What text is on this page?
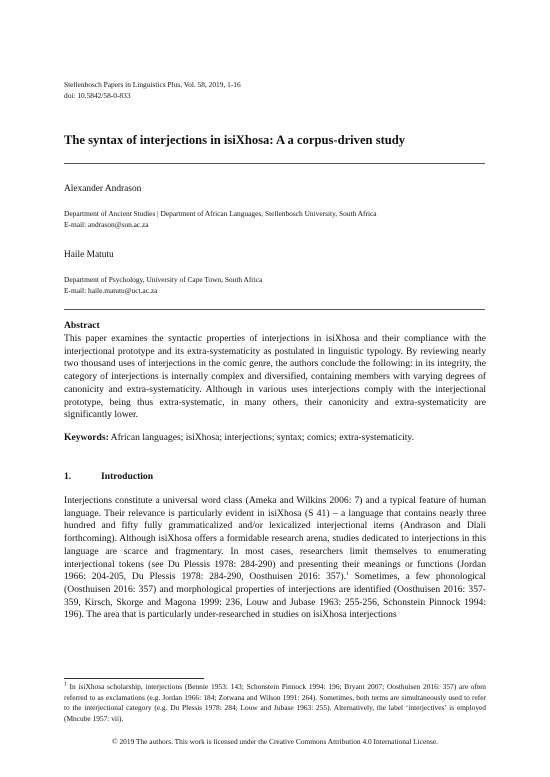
Stellenbosch Papers in Linguistics Plus, Vol. 58, 2019, 1-16
doi: 10.5842/58-0-833
The syntax of interjections in isiXhosa: A a corpus-driven study
Alexander Andrason
Department of Ancient Studies | Department of African Languages, Stellenbosch University, South Africa
E-mail: andrason@sun.ac.za
Haile Matutu
Department of Psychology, University of Cape Town, South Africa
E-mail: haile.matutu@uct.ac.za
Abstract
This paper examines the syntactic properties of interjections in isiXhosa and their compliance with the interjectional prototype and its extra-systematicity as postulated in linguistic typology. By reviewing nearly two thousand uses of interjections in the comic genre, the authors conclude the following: in its integrity, the category of interjections is internally complex and diversified, containing members with varying degrees of canonicity and extra-systematicity. Although in various uses interjections comply with the interjectional prototype, being thus extra-systematic, in many others, their canonicity and extra-systematicity are significantly lower.
Keywords: African languages; isiXhosa; interjections; syntax; comics; extra-systematicity.
1.	Introduction
Interjections constitute a universal word class (Ameka and Wilkins 2006: 7) and a typical feature of human language. Their relevance is particularly evident in isiXhosa (S 41) – a language that contains nearly three hundred and fifty fully grammaticalized and/or lexicalized interjectional items (Andrason and Dlali forthcoming). Although isiXhosa offers a formidable research arena, studies dedicated to interjections in this language are scarce and fragmentary. In most cases, researchers limit themselves to enumerating interjectional tokens (see Du Plessis 1978: 284-290) and presenting their meanings or functions (Jordan 1966: 204-205, Du Plessis 1978: 284-290, Oosthuisen 2016: 357).$^1$ Sometimes, a few phonological (Oosthuisen 2016: 357) and morphological properties of interjections are identified (Oosthuisen 2016: 357-359, Kirsch, Skorge and Magona 1999: 236, Louw and Jubase 1963: 255-256, Schonstein Pinnock 1994: 196). The area that is particularly under-researched in studies on isiXhosa interjections
$^1$ In isiXhosa scholarship, interjections (Bennie 1953: 143; Schonstein Pinnock 1994: 196; Bryant 2007; Oosthuisen 2016: 357) are often referred to as exclamations (e.g. Jordan 1966: 184; Zotwana and Wilson 1991: 264). Sometimes, both terms are simultaneously used to refer to the interjectional category (e.g. Du Plessis 1978: 284; Louw and Jubase 1963: 255). Alternatively, the label ‘interjectives’ is employed (Mncube 1957: vii).
© 2019 The authors. This work is licensed under the Creative Commons Attribution 4.0 International License.
